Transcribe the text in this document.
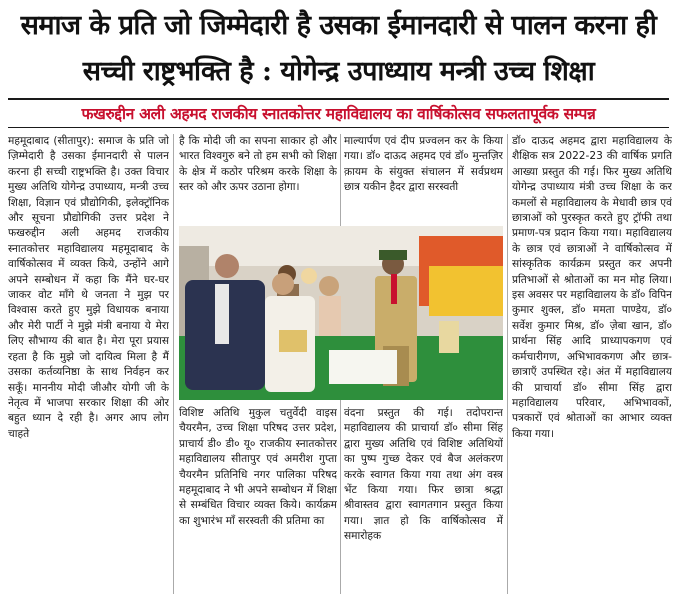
समाज के प्रति जो जिम्मेदारी है उसका ईमानदारी से पालन करना ही
सच्ची राष्ट्रभक्ति है : योगेन्द्र उपाध्याय मन्त्री उच्च शिक्षा
फखरुद्दीन अली अहमद राजकीय स्नातकोत्तर महाविद्यालय का वार्षिकोत्सव सफलतापूर्वक सम्पन्न

महमूदाबाद (सीतापुर): समाज के प्रति जो ज़िम्मेदारी है उसका ईमानदारी से पालन करना ही सच्ची राष्ट्रभक्ति है। उक्त विचार मुख्य अतिथि योगेन्द्र उपाध्याय, मन्त्री उच्च शिक्षा, विज्ञान एवं प्रौद्योगिकी, इलेक्ट्रॉनिक और सूचना प्रौद्योगिकी उत्तर प्रदेश ने फखरुद्दीन अली अहमद राजकीय स्नातकोत्तर महाविद्यालय महमूदाबाद के वार्षिकोत्सव में व्यक्त किये, उन्होंने आगे अपने सम्बोधन में कहा कि मैंने घर-घर जाकर वोट माँगे थे जनता ने मुझ पर विश्वास करते हुए मुझे विधायक बनाया और मेरी पार्टी ने मुझे मंत्री बनाया ये मेरा लिए सौभाग्य की बात है। मेरा पूरा प्रयास रहता है कि मुझे जो दायित्व मिला है मैं उसका कर्तव्यनिष्ठा के साथ निर्वहन कर सकूँ। माननीय मोदी जीऔर योगी जी के नेतृत्व में भाजपा सरकार शिक्षा की ओर बहुत ध्यान दे रही है। अगर आप लोग चाहते

है कि मोदी जी का सपना साकार हो और भारत विश्वगुरु बने तो हम सभी को शिक्षा के क्षेत्र में कठोर परिश्रम करके शिक्षा के स्तर को और ऊपर उठाना होगा।

माल्यार्पण एवं दीप प्रज्वलन कर के किया गया। डॉ० दाऊद अहमद एवं डॉ० मुन्तज़िर क़ायम के संयुक्त संचालन में सर्वप्रथम छात्र यकीन हैदर द्वारा सरस्वती

विशिष्ट अतिथि मुकुल चतुर्वेदी वाइस चैयरमैन, उच्च शिक्षा परिषद उत्तर प्रदेश, प्राचार्य डी० डी० यू० राजकीय स्नातकोत्तर महाविद्यालय सीतापुर एवं अमरीश गुप्ता चैयरमैन प्रतिनिधि नगर पालिका परिषद महमूदाबाद ने भी अपने सम्बोधन में शिक्षा से सम्बंधित विचार व्यक्त किये। कार्यक्रम का शुभारंभ माँ सरस्वती की प्रतिमा का

वंदना प्रस्तुत की गई। तदोपरान्त महाविद्यालय की प्राचार्या डॉ० सीमा सिंह द्वारा मुख्य अतिथि एवं विशिष्ट अतिथियों का पुष्प गुच्छ देकर एवं बैज अलंकरण करके स्वागत किया गया तथा अंग वस्त्र भेंट किया गया। फिर छात्रा श्रद्धा श्रीवास्तव द्वारा स्वागतगान प्रस्तुत किया गया। ज्ञात हो कि वार्षिकोत्सव में समारोहक

डॉ० दाऊद अहमद द्वारा महाविद्यालय के शैक्षिक सत्र 2022-23 की वार्षिक प्रगति आख्या प्रस्तुत की गई। फिर मुख्य अतिथि योगेन्द्र उपाध्याय मंत्री उच्च शिक्षा के कर कमलों से महाविद्यालय के मेधावी छात्र एवं छात्राओं को पुरस्कृत करते हुए ट्रॉफी तथा प्रमाण-पत्र प्रदान किया गया। महाविद्यालय के छात्र एवं छात्राओं ने वार्षिकोत्सव में सांस्कृतिक कार्यक्रम प्रस्तुत कर अपनी प्रतिभाओं से श्रोताओं का मन मोह लिया। इस अवसर पर महाविद्यालय के डॉ० विपिन कुमार शुक्ल, डॉ० ममता पाण्डेय, डॉ० सर्वेश कुमार मिश्र, डॉ० ज़ेबा खान, डॉ० प्रार्थना सिंह आदि प्राध्यापकगण एवं कर्मचारीगण, अभिभावकगण और छात्र-छात्राएँ उपस्थित रहे। अंत में महाविद्यालय की प्राचार्या डॉ० सीमा सिंह द्वारा महाविद्यालय परिवार, अभिभावकों, पत्रकारों एवं श्रोताओं का आभार व्यक्त किया गया।
